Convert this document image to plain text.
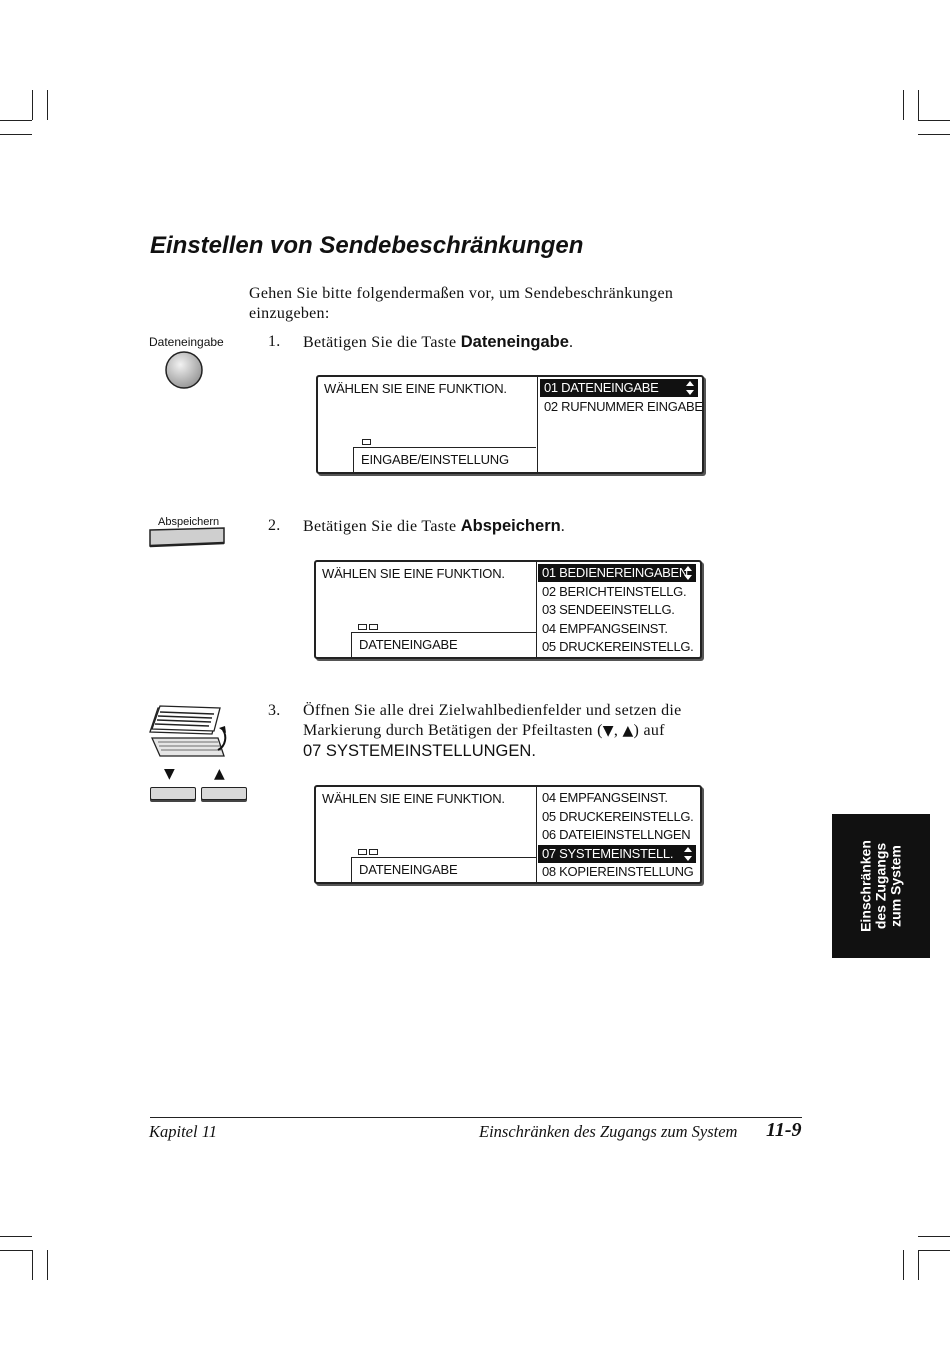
Einstellen von Sendebeschränkungen
Gehen Sie bitte folgendermaßen vor, um Sendebeschränkungen
einzugeben:
Dateneingabe	1. Betätigen Sie die Taste Dateneingabe.
WÄHLEN SIE EINE FUNKTION.
EINGABE/EINSTELLUNG
01 DATENEINGABE
02 RUFNUMMER EINGABE
Abspeichern	2. Betätigen Sie die Taste Abspeichern.
WÄHLEN SIE EINE FUNKTION.
DATENEINGABE
01 BEDIENEREINGABEN
02 BERICHTEINSTELLG.
03 SENDEEINSTELLG.
04 EMPFANGSEINST.
05 DRUCKEREINSTELLG.
▼	▲
3. Öffnen Sie alle drei Zielwahlbedienfelder und setzen die
Markierung durch Betätigen der Pfeiltasten (▼, ▲) auf
07 SYSTEMEINSTELLUNGEN.
WÄHLEN SIE EINE FUNKTION.
DATENEINGABE
04 EMPFANGSEINST.
05 DRUCKEREINSTELLG.
06 DATEIEINSTELLNGEN
07 SYSTEMEINSTELL.
08 KOPIEREINSTELLUNG	Einschränken des Zugangs zum System
Kapitel 11	Einschränken des Zugangs zum System 11-9
